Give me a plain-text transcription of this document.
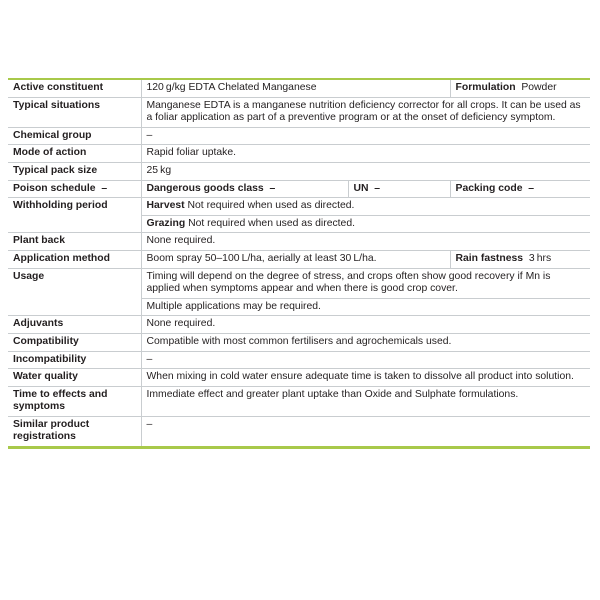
Active constituent	120 g/kg EDTA Chelated Manganese		Formulation Powder
Typical situations	Manganese EDTA is a manganese nutrition deficiency corrector for all crops. It can be used as a foliar application as part of a preventive program or at the onset of deficiency symptom.		
Chemical group	–		
Mode of action	Rapid foliar uptake.		
Typical pack size	25 kg		
Poison schedule –	Dangerous goods class –	UN –	Packing code –
Withholding period	Harvest Not required when used as directed.
Grazing Not required when used as directed.		

Plant back	None required.		
Application method	Boom spray 50–100 L/ha, aerially at least 30 L/ha.		Rain fastness 3 hrs
Usage	Timing will depend on the degree of stress, and crops often show good recovery if Mn is applied when symptoms appear and when there is good crop cover.
Multiple applications may be required.		

Adjuvants	None required.		
Compatibility	Compatible with most common fertilisers and agrochemicals used.		
Incompatibility	–		
Water quality	When mixing in cold water ensure adequate time is taken to dissolve all product into solution.		
Time to effects and symptoms	Immediate effect and greater plant uptake than Oxide and Sulphate formulations.		
Similar product registrations	–		
